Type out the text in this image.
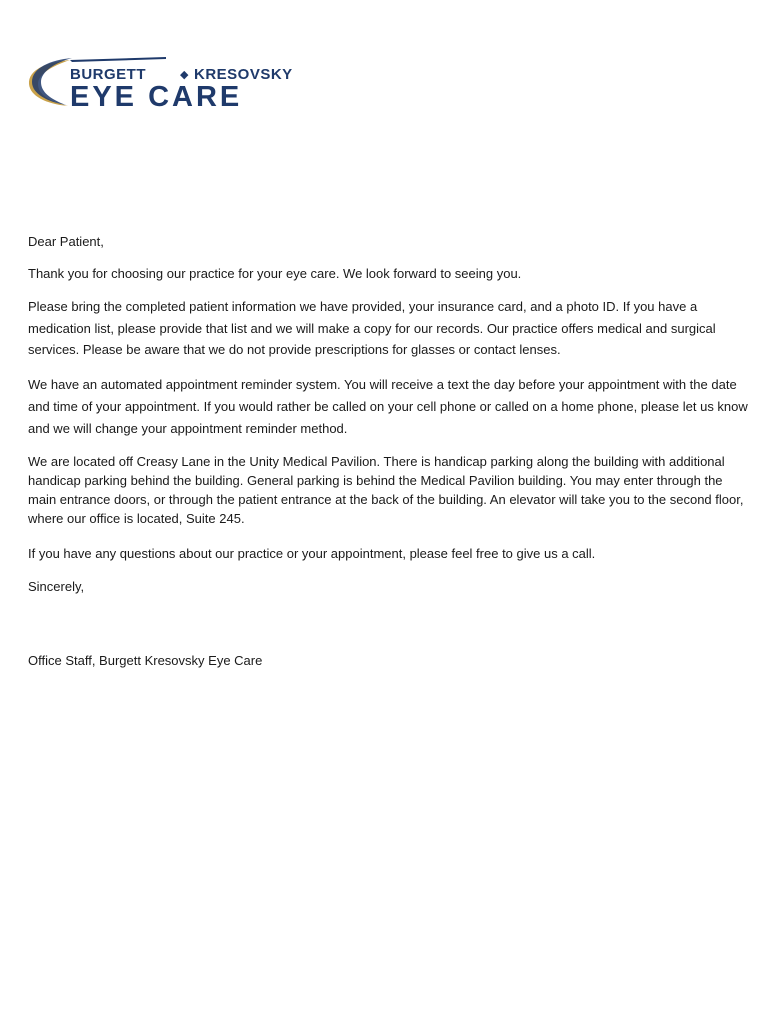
BURGETT	◆ KRESOVSKY
EYE CARE

Dear Patient,

Thank you for choosing our practice for your eye care. We look forward to seeing you.

Please bring the completed patient information we have provided, your insurance card, and a photo ID. If you have a medication list, please provide that list and we will make a copy for our records. Our practice offers medical and surgical services. Please be aware that we do not provide prescriptions for glasses or contact lenses.

We have an automated appointment reminder system. You will receive a text the day before your appointment with the date and time of your appointment. If you would rather be called on your cell phone or called on a home phone, please let us know and we will change your appointment reminder method.

We are located off Creasy Lane in the Unity Medical Pavilion. There is handicap parking along the building with additional handicap parking behind the building. General parking is behind the Medical Pavilion building. You may enter through the main entrance doors, or through the patient entrance at the back of the building. An elevator will take you to the second floor, where our office is located, Suite 245.

If you have any questions about our practice or your appointment, please feel free to give us a call.

Sincerely,

Office Staff, Burgett Kresovsky Eye Care
